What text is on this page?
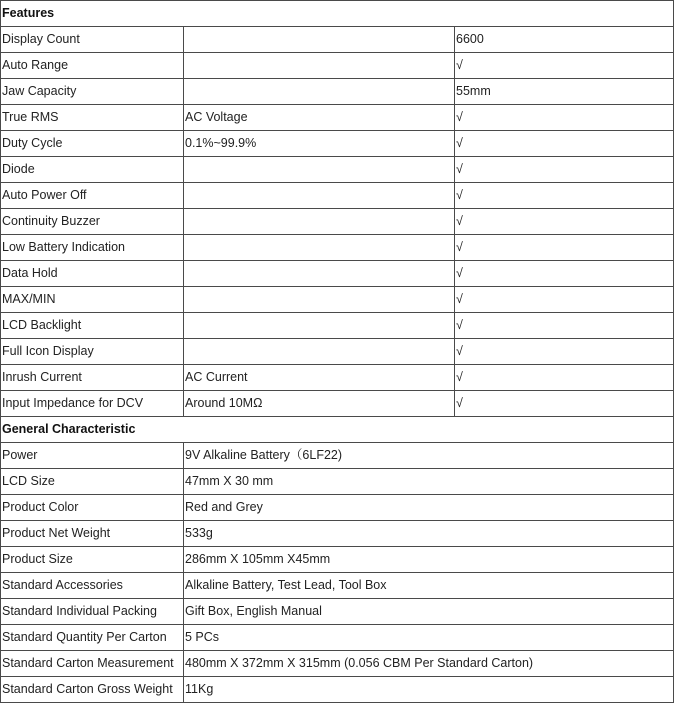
Features		
Display Count		6600
Auto Range		√
Jaw Capacity		55mm
True RMS	AC Voltage	√
Duty Cycle	0.1%~99.9%	√
Diode		√
Auto Power Off		√
Continuity Buzzer		√
Low Battery Indication		√
Data Hold		√
MAX/MIN		√
LCD Backlight		√
Full Icon Display		√
Inrush Current	AC Current	√
Input Impedance for DCV	Around 10MΩ	√
General Characteristic		
Power	9V Alkaline Battery（6LF22)	
LCD Size	47mm X 30 mm	
Product Color	Red and Grey	
Product Net Weight	533g	
Product Size	286mm X 105mm X45mm	
Standard Accessories	Alkaline Battery, Test Lead, Tool Box	
Standard Individual Packing	Gift Box, English Manual	
Standard Quantity Per Carton	5 PCs	
Standard Carton Measurement	480mm X 372mm X 315mm (0.056 CBM Per Standard Carton)	
Standard Carton Gross Weight	11Kg	
